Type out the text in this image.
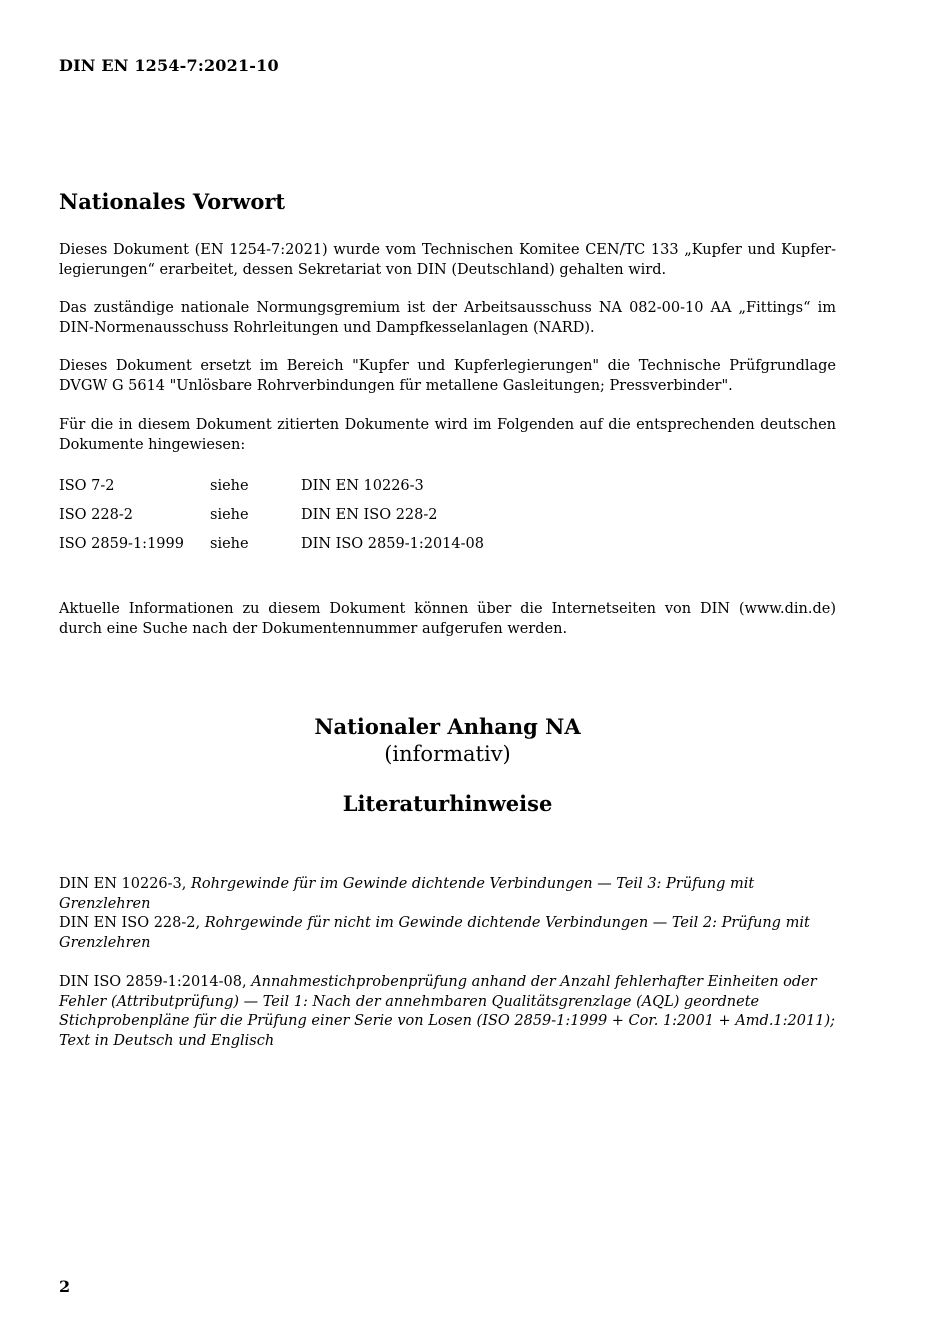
DIN EN 1254-7:2021-10
Nationales Vorwort

Dieses Dokument (EN 1254-7:2021) wurde vom Technischen Komitee CEN/TC 133 „Kupfer und Kupfer-legierungen“ erarbeitet, dessen Sekretariat von DIN (Deutschland) gehalten wird.

Das zuständige nationale Normungsgremium ist der Arbeitsausschuss NA 082-00-10 AA „Fittings“ im DIN-Normenausschuss Rohrleitungen und Dampfkesselanlagen (NARD).

Dieses Dokument ersetzt im Bereich "Kupfer und Kupferlegierungen" die Technische Prüfgrundlage DVGW G 5614 "Unlösbare Rohrverbindungen für metallene Gasleitungen; Pressverbinder".

Für die in diesem Dokument zitierten Dokumente wird im Folgenden auf die entsprechenden deutschen Dokumente hingewiesen:

ISO 7-2	siehe	DIN EN 10226-3
ISO 228-2	siehe	DIN EN ISO 228-2
ISO 2859-1:1999	siehe	DIN ISO 2859-1:2014-08

Aktuelle Informationen zu diesem Dokument können über die Internetseiten von DIN (www.din.de) durch eine Suche nach der Dokumentennummer aufgerufen werden.

Nationaler Anhang NA
(informativ)
Literaturhinweise

DIN EN 10226-3, Rohrgewinde für im Gewinde dichtende Verbindungen — Teil 3: Prüfung mit Grenzlehren

DIN EN ISO 228-2, Rohrgewinde für nicht im Gewinde dichtende Verbindungen — Teil 2: Prüfung mit Grenzlehren

DIN ISO 2859-1:2014-08, Annahmestichprobenprüfung anhand der Anzahl fehlerhafter Einheiten oder Fehler (Attributprüfung) — Teil 1: Nach der annehmbaren Qualitätsgrenzlage (AQL) geordnete Stichprobenpläne für die Prüfung einer Serie von Losen (ISO 2859-1:1999 + Cor. 1:2001 + Amd.1:2011); Text in Deutsch und Englisch

2
